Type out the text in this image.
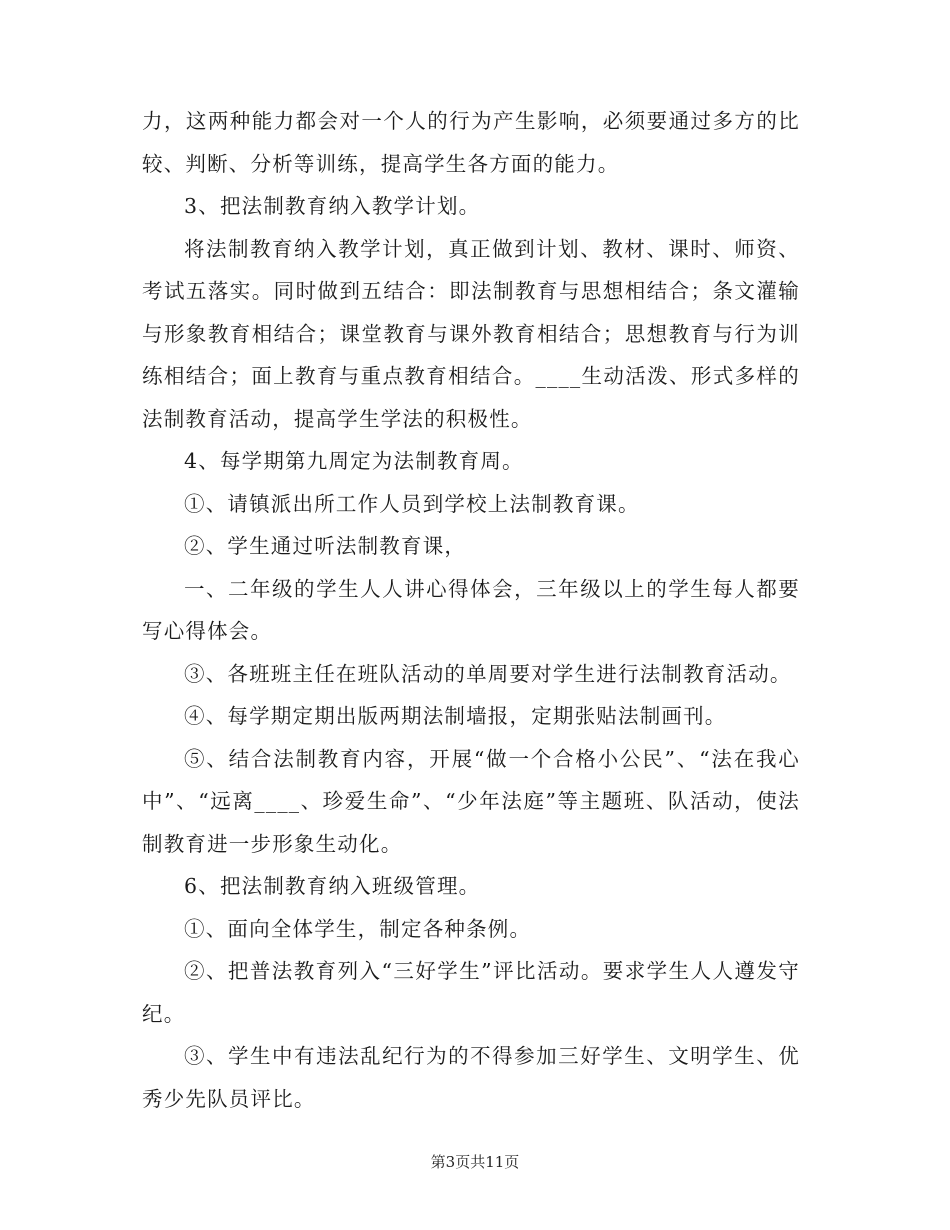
力，这两种能力都会对一个人的行为产生影响，必须要通过多方的比较、判断、分析等训练，提高学生各方面的能力。

3、把法制教育纳入教学计划。

将法制教育纳入教学计划，真正做到计划、教材、课时、师资、考试五落实。同时做到五结合：即法制教育与思想相结合；条文灌输与形象教育相结合；课堂教育与课外教育相结合；思想教育与行为训练相结合；面上教育与重点教育相结合。____生动活泼、形式多样的法制教育活动，提高学生学法的积极性。

4、每学期第九周定为法制教育周。

①、请镇派出所工作人员到学校上法制教育课。

②、学生通过听法制教育课，

一、二年级的学生人人讲心得体会，三年级以上的学生每人都要写心得体会。

③、各班班主任在班队活动的单周要对学生进行法制教育活动。

④、每学期定期出版两期法制墙报，定期张贴法制画刊。

⑤、结合法制教育内容，开展“做一个合格小公民”、“法在我心中”、“远离____、珍爱生命”、“少年法庭”等主题班、队活动，使法制教育进一步形象生动化。

6、把法制教育纳入班级管理。

①、面向全体学生，制定各种条例。

②、把普法教育列入“三好学生”评比活动。要求学生人人遵发守纪。

③、学生中有违法乱纪行为的不得参加三好学生、文明学生、优秀少先队员评比。

第3页共11页
